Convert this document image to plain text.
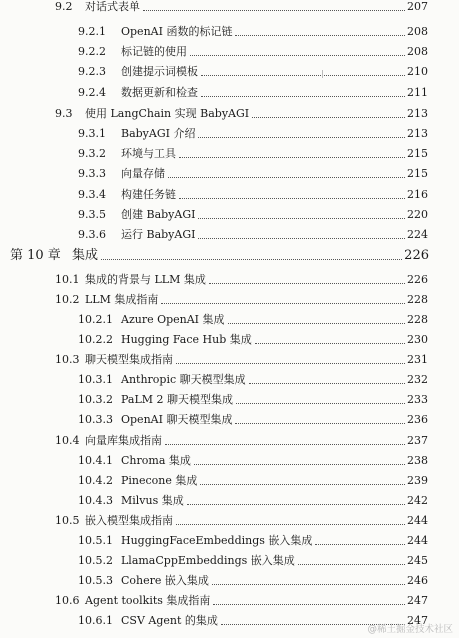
9.2	对话式表单	207
9.2.1	OpenAI 函数的标记链	208
9.2.2	标记链的使用	208
9.2.3	创建提示词模板	210
9.2.4	数据更新和检查	211
9.3	使用 LangChain 实现 BabyAGI	213
9.3.1	BabyAGI 介绍	213
9.3.2	环境与工具	215
9.3.3	向量存储	215
9.3.4	构建任务链	216
9.3.5	创建 BabyAGI	220
9.3.6	运行 BabyAGI	224
第 10 章 集成	226
10.1 集成的背景与 LLM 集成	226
10.2 LLM 集成指南	228
10.2.1 Azure OpenAI 集成	228
10.2.2 Hugging Face Hub 集成	230
10.3 聊天模型集成指南	231
10.3.1 Anthropic 聊天模型集成	232
10.3.2 PaLM 2 聊天模型集成	233
10.3.3 OpenAI 聊天模型集成	236
10.4 向量库集成指南	237
10.4.1 Chroma 集成	238
10.4.2 Pinecone 集成	239
10.4.3 Milvus 集成	242
10.5 嵌入模型集成指南	244
10.5.1 HuggingFaceEmbeddings 嵌入集成	244
10.5.2 LlamaCppEmbeddings 嵌入集成	245
10.5.3 Cohere 嵌入集成	246
10.6 Agent toolkits 集成指南	247
10.6.1 CSV Agent 的集成	247
@稀土掘金技术社区
